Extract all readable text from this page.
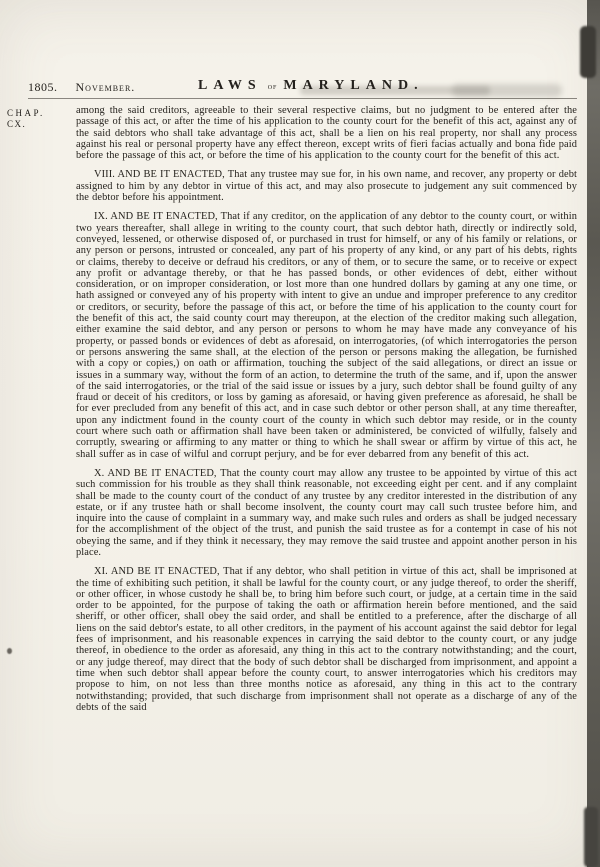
1805. November.	LAWS of MARYLAND.
CHAP.
CX.

among the said creditors, agreeable to their several respective claims, but no judgment to be entered after the passage of this act, or after the time of his application to the county court for the benefit of this act, against any of the said debtors who shall take advantage of this act, shall be a lien on his real property, nor shall any process against his real or personal property have any effect thereon, except writs of fieri facias actually and bona fide paid before the passage of this act, or before the time of his application to the county court for the benefit of this act.

VIII. AND BE IT ENACTED, That any trustee may sue for, in his own name, and recover, any property or debt assigned to him by any debtor in virtue of this act, and may also prosecute to judgement any suit commenced by the debtor before his appointment.

IX. AND BE IT ENACTED, That if any creditor, on the application of any debtor to the county court, or within two years thereafter, shall allege in writing to the county court, that such debtor hath, directly or indirectly sold, conveyed, lessened, or otherwise disposed of, or purchased in trust for himself, or any of his family or relations, or any person or persons, intrusted or concealed, any part of his property of any kind, or any part of his debts, rights or claims, thereby to deceive or defraud his creditors, or any of them, or to secure the same, or to receive or expect any profit or advantage thereby, or that he has passed bonds, or other evidences of debt, either without consideration, or on improper consideration, or lost more than one hundred dollars by gaming at any one time, or hath assigned or conveyed any of his property with intent to give an undue and improper preference to any creditor or creditors, or security, before the passage of this act, or before the time of his application to the county court for the benefit of this act, the said county court may thereupon, at the election of the creditor making such allegation, either examine the said debtor, and any person or persons to whom he may have made any conveyance of his property, or passed bonds or evidences of debt as aforesaid, on interrogatories, (of which interrogatories the person or persons answering the same shall, at the election of the person or persons making the allegation, be furnished with a copy or copies,) on oath or affirmation, touching the subject of the said allegations, or direct an issue or issues in a summary way, without the form of an action, to determine the truth of the same, and if, upon the answer of the said interrogatories, or the trial of the said issue or issues by a jury, such debtor shall be found guilty of any fraud or deceit of his creditors, or loss by gaming as aforesaid, or having given preference as aforesaid, he shall be for ever precluded from any benefit of this act, and in case such debtor or other person shall, at any time thereafter, upon any indictment found in the county court of the county in which such debtor may reside, or in the county court where such oath or affirmation shall have been taken or administered, be convicted of wilfully, falsely and corruptly, swearing or affirming to any matter or thing to which he shall swear or affirm by virtue of this act, he shall suffer as in case of wilful and corrupt perjury, and be for ever debarred from any benefit of this act.

X. AND BE IT ENACTED, That the county court may allow any trustee to be appointed by virtue of this act such commission for his trouble as they shall think reasonable, not exceeding eight per cent. and if any complaint shall be made to the county court of the conduct of any trustee by any creditor interested in the distribution of any estate, or if any trustee hath or shall become insolvent, the county court may call such trustee before him, and inquire into the cause of complaint in a summary way, and make such rules and orders as shall be judged necessary for the accomplishment of the object of the trust, and punish the said trustee as for a contempt in case of his not obeying the same, and if they think it necessary, they may remove the said trustee and appoint another person in his place.

XI. AND BE IT ENACTED, That if any debtor, who shall petition in virtue of this act, shall be imprisoned at the time of exhibiting such petition, it shall be lawful for the county court, or any judge thereof, to order the sheriff, or other officer, in whose custody he shall be, to bring him before such court, or judge, at a certain time in the said order to be appointed, for the purpose of taking the oath or affirmation herein before mentioned, and the said sheriff, or other officer, shall obey the said order, and shall be entitled to a preference, after the discharge of all liens on the said debtor's estate, to all other creditors, in the payment of his account against the said debtor for legal fees of imprisonment, and his reasonable expences in carrying the said debtor to the county court, or any judge thereof, in obedience to the order as aforesaid, any thing in this act to the contrary notwithstanding; and the court, or any judge thereof, may direct that the body of such debtor shall be discharged from imprisonment, and appoint a time when such debtor shall appear before the county court, to answer interrogatories which his creditors may propose to him, on not less than three months notice as aforesaid, any thing in this act to the contrary notwithstanding; provided, that such discharge from imprisonment shall not operate as a discharge of any of the debts of the said
